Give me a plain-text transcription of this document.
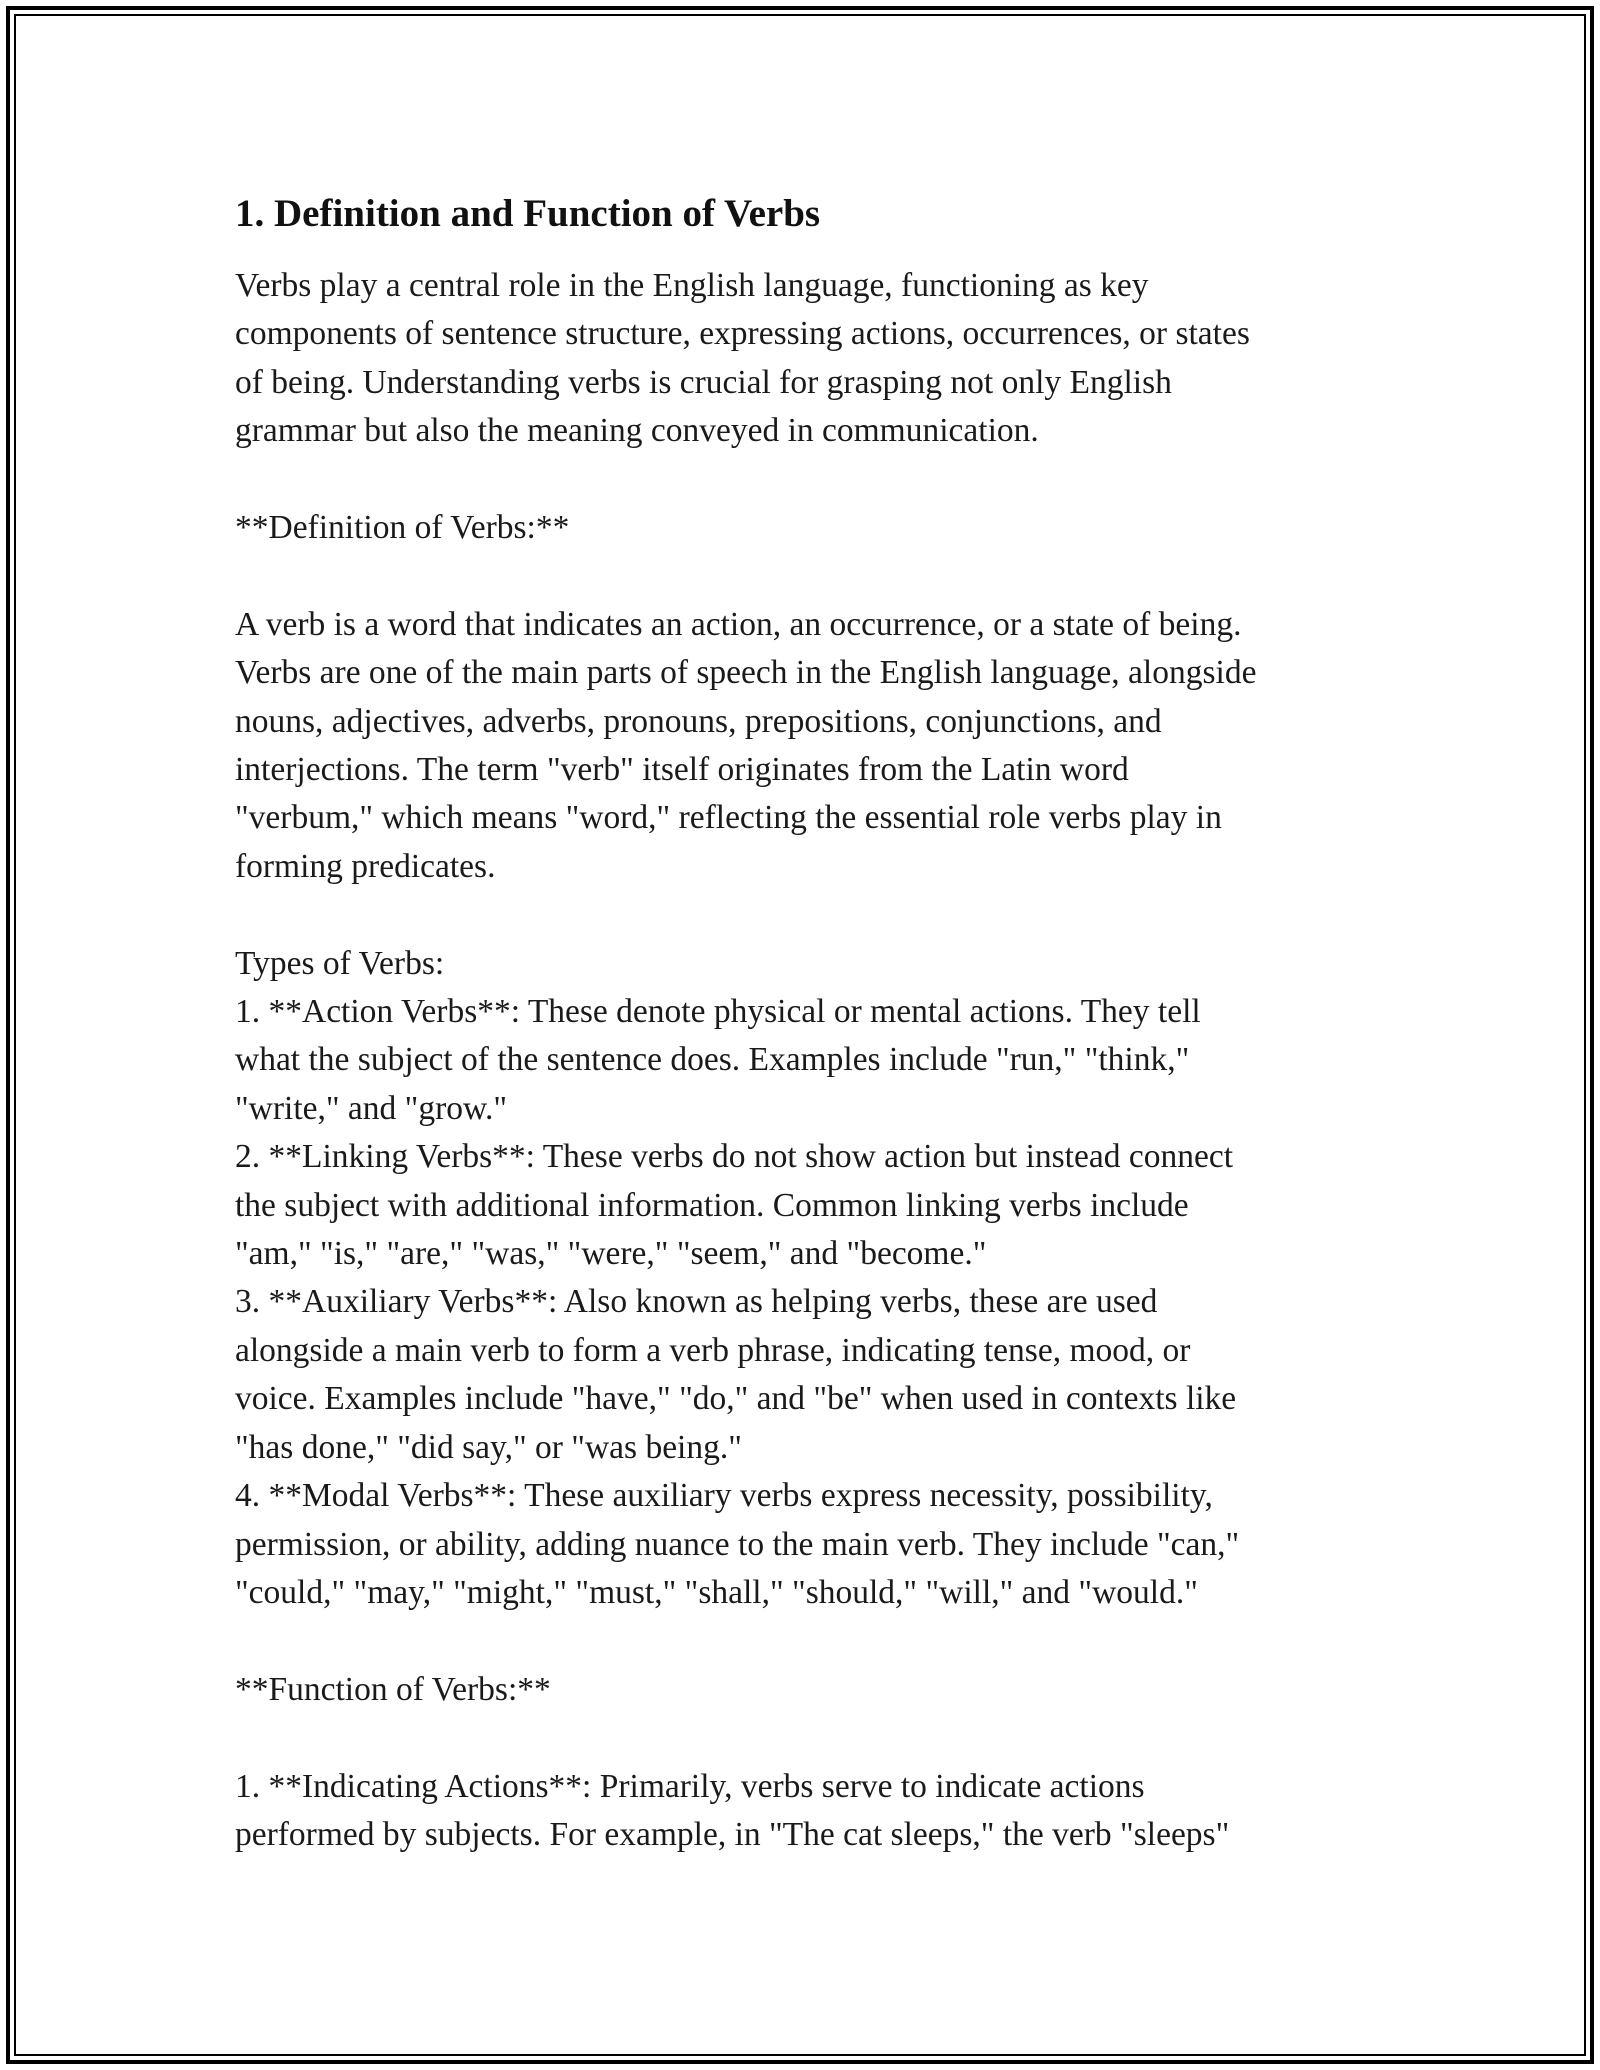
1. Definition and Function of Verbs

Verbs play a central role in the English language, functioning as key
components of sentence structure, expressing actions, occurrences, or states
of being. Understanding verbs is crucial for grasping not only English
grammar but also the meaning conveyed in communication.

**Definition of Verbs:**

A verb is a word that indicates an action, an occurrence, or a state of being.
Verbs are one of the main parts of speech in the English language, alongside
nouns, adjectives, adverbs, pronouns, prepositions, conjunctions, and
interjections. The term "verb" itself originates from the Latin word
"verbum," which means "word," reflecting the essential role verbs play in
forming predicates.

Types of Verbs:
1. **Action Verbs**: These denote physical or mental actions. They tell
what the subject of the sentence does. Examples include "run," "think,"
"write," and "grow."
2. **Linking Verbs**: These verbs do not show action but instead connect
the subject with additional information. Common linking verbs include
"am," "is," "are," "was," "were," "seem," and "become."
3. **Auxiliary Verbs**: Also known as helping verbs, these are used
alongside a main verb to form a verb phrase, indicating tense, mood, or
voice. Examples include "have," "do," and "be" when used in contexts like
"has done," "did say," or "was being."
4. **Modal Verbs**: These auxiliary verbs express necessity, possibility,
permission, or ability, adding nuance to the main verb. They include "can,"
"could," "may," "might," "must," "shall," "should," "will," and "would."

**Function of Verbs:**

1. **Indicating Actions**: Primarily, verbs serve to indicate actions
performed by subjects. For example, in "The cat sleeps," the verb "sleeps"
